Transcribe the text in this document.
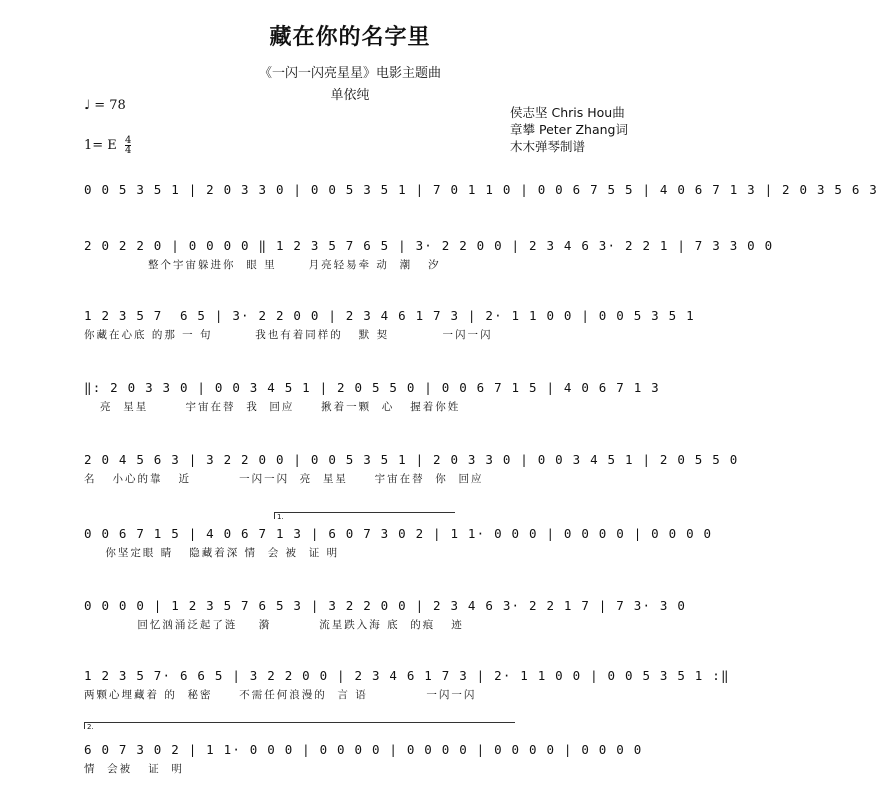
藏在你的名字里
《一闪一闪亮星星》电影主题曲
单依纯
♩ = 78
1= E $\frac{4}{4}$
侯志坚 Chris Hou曲
章攀 Peter Zhang词
木木弹琴制谱
0 0 5 3 5 1 | 2 0 3 3 0 | 0 0 5 3 5 1 | 7 0 1 1 0 | 0 0 6 7 5 5 | 4 0 6 7 1 3 | 2 0 3 5 6 3
2 0 2 2 0 | 0 0 0 0 ‖ 1 2 3 5 7 6 5 | 3· 2 2 0 0 | 2 3 4 6 3· 2 2 1 | 7 3 3 0 0
整个宇宙躲进你  眼 里      月亮轻易牵 动  潮   汐
1 2 3 5 7  6 5 | 3· 2 2 0 0 | 2 3 4 6 1 7 3 | 2· 1 1 0 0 | 0 0 5 3 5 1
你藏在心底 的那 一 句        我也有着同样的   默 契          一闪一闪
‖: 2 0 3 3 0 | 0 0 3 4 5 1 | 2 0 5 5 0 | 0 0 6 7 1 5 | 4 0 6 7 1 3
亮  星星       宇宙在替  我  回应     揪着一颗  心   握着你姓
2 0 4 5 6 3 | 3 2 2 0 0 | 0 0 5 3 5 1 | 2 0 3 3 0 | 0 0 3 4 5 1 | 2 0 5 5 0
名   小心的靠   近         一闪一闪  亮  星星     宇宙在替  你  回应
1.
0 0 6 7 1 5 | 4 0 6 7 1 3 | 6 0 7 3 0 2 | 1 1· 0 0 0 | 0 0 0 0 | 0 0 0 0
你坚定眼 睛   隐藏着深 情  会 被  证 明
0 0 0 0 | 1 2 3 5 7 6 5 3 | 3 2 2 0 0 | 2 3 4 6 3· 2 2 1 7 | 7 3· 3 0
回忆汹涌泛起了涟    漪         流星跌入海 底  的痕   迹
1 2 3 5 7· 6 6 5 | 3 2 2 0 0 | 2 3 4 6 1 7 3 | 2· 1 1 0 0 | 0 0 5 3 5 1 :‖
两颗心埋藏着 的  秘密     不需任何浪漫的  言 语           一闪一闪
2.
6 0 7 3 0 2 | 1 1· 0 0 0 | 0 0 0 0 | 0 0 0 0 | 0 0 0 0 | 0 0 0 0
情  会被   证  明
